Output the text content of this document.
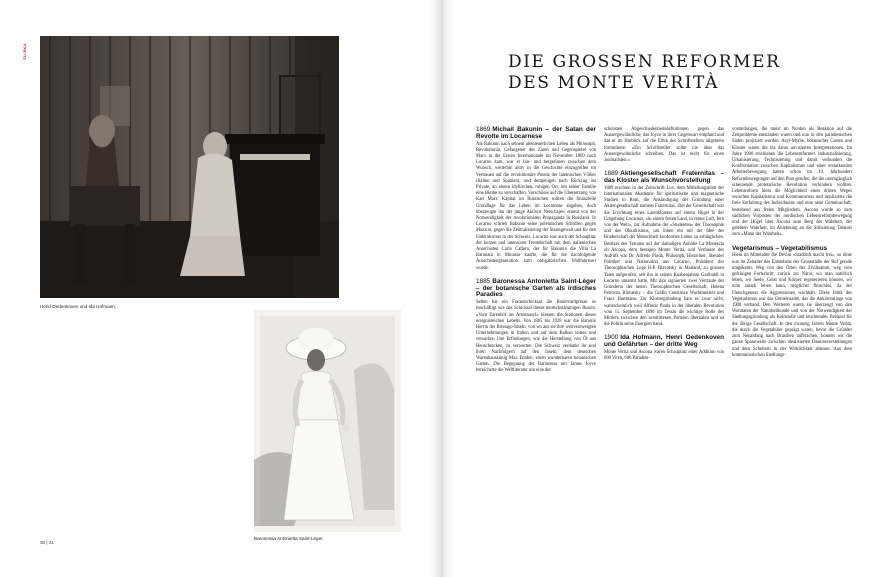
ZU RKA
Henri Oedenkoven und Ida Hofmann.
Baronessa Antonietta Saint-Léger.
30 | 31
DIE GROSSEN REFORMER
DES MONTE VERITÀ
1869 Michail Bakunin – der Satan der Revolte im Locarnese

Als Bakunin nach seinem abenteuerlichen Leben als Philosoph, Revolutionär, Gefangener des Zaren und Gegenspieler von Marx in der Ersten Internationale im November 1869 nach Locarno kam, war er bin- und hergerissen zwischen dem Wunsch, weiterhin aktiv in die Geschichte einzugreifen im Vertrauen auf die revolutionäre Potenz der lateinischen Völker (Italien und Spanien), und demjenigen nach Rückzug ins Private, an einem idyllischen, ruhigen Ort, um seiner Familie eine Bleibe zu verschaffen. Vorschüsse auf die Übersetzung von Karl Marx' Kapital im Russischen sollten die finanzielle Grundlage für das Leben im Locarnese abgeben, doch überzeugte ihn der junge Aktivist Netschajew erneut von der Notwendigkeit der revolutionären Propaganda in Russland. In Locarno schrieb Bakunin seine polemischen Schriften gegen Mazzini, gegen die Zentralisierung der Staatsgewalt und für den Föderalismus in der Schweiz. Locarno war auch der Schauplatz der kurzen und intensiven Freundschaft mit dem italienischen Anarchisten Carlo Cafiero, der für Bakunin die Villa La Baronata in Minusio kaufte, die für die nachfolgende Anarchistengeneration zum obligatorischen Wallfahrtsort wurde.

1885 Baronessa Antonietta Saint-Léger – der botanische Garten als irdisches Paradies

Selten hat ein Frauenschicksal die Boulevardpresse so beschäftigt wie das Schicksal dieser deutschstämmigen Russin. «Vom Zarenhof ins Armenasyl» hiessen die Stationen dieses ereignisreichen Lebens. Von 1885 bis 1928 war die Baronin Herrin der Brissago-Inseln, von wo aus sie ihre weitverzweigten Unternehmungen in Italien und auf dem Balkan leitete und versuchte, ihre Erfindungen, wie die Herstellung von Öl aus Heuschrecken, zu verwerten. Die Schweiz verdankt ihr und ihren Nachfolgern auf den Inseln, dem deutschen Warenhauskönig Max Emden, einen wunderbaren botanischen Garten. Die Begegnung der Baronessa mit James Joyce bereicherte die Weltliteratur um eine der

schönsten Abgeschiedenheitsdefinitionen gegen das Aussergewöhnliche, das Joyce in ihrer Gegenwart empfand und das er im Hinblick auf die Ethik des Schriftstellers allgemein formulierte: «Ein Schriftsteller sollte nie über das Aussergewöhnliche schreiben. Das ist recht für einen Journalisten.»

1889 Aktiengesellschaft Fraternitas – das Kloster als Wunschvorstellung

1889 erschien in der Zeitschrift Lux, dem Mitteilungsblatt der Internationalen Akademie für spiritistische und magnetische Studien in Rom, die Ankündigung der Gründung einer Aktiengesellschaft namens Fraternitas. Ziel der Gesellschaft war die Errichtung eines Laienklosters auf einem Hügel in der Umgebung Locarnos, «in einem freien Land, in reiner Luft, fern von der Welt», zur Aufnahme der «Studenten» der Theosophie und des Okkultismus, um ihnen ein mit der Idee der Bruderschaft der Menschheit konformes Leben zu ermöglichen. Besitzer des Terrains auf der damaligen Anhöhe La Monescia ob Ascona, dem heutigen Monte Verità, und Verfasser des Aufrufs war Dr. Alfredo Pioda, Philosoph, Historiker, liberaler Politiker und Nationalrat aus Locarno, Präsident der Theosophischen Loge H.P. Blavatsky in Mailand, zu grossen Taten aufgerufen, seit ihn in seinen Knabenjahren Garibaldi in Locarno umarmt hatte. Mit ihm signierten zwei Vertraute der Gründerin der neuen Theosophischen Gesellschaft, Helena Petrovna Blavatsky – die Gräfin Constance Wachtmeister und Franz Hartmann. Zur Klostergründung kam es zwar nicht, wahrscheinlich weil Alfredo Pioda in der liberalen Revolution vom 11. September 1890 im Tessin die wichtige Rolle des Mittlers zwischen den zerstrittenen Parteien übernahm und so die Politik seine Energien band.

1900 Ida Hofmann, Henri Oedenkoven und Gefährten – der dritte Weg

Monte Verità und Ascona waren Schauplatz einer Addition von 600 Viten, 600 Paradies-

vorstellungen, die meist im Norden als Reaktion auf die Zeitprobleme entstanden waren und nun in den paradiesischen Süden projiziert wurden. Asyl-Mythe, botanischer Garten und Kloster waren die bis dahin anvisierten Interpretationen. Im Jahre 1900 erschienen die Lebensreformer. Industrialisierung, Urbanisierung, Technisierung und damit verbunden die Konfrontation zwischen Kapitalismus und einer erstarkenden Arbeiterbewegung hatten schon im 19. Jahrhundert Reformbewegungen auf den Plan gerufen, die die unumgänglich scheinende proletarische Revolution verhindern wollten. Lebensreform hiess die Möglichkeit eines dritten Weges zwischen Kapitalismus und Kommunismus und implizierte die freie Entfaltung des Individuums und eine neue Gemeinschaft, bestehend aus freien Mitgliedern. Ascona wurde so zum südlichen Vorposten der nordischen Lebensreformbewegung und der Hügel über Ascona zum Berg der Wahrheit, der gelebten Wahrheit, im Anlehnung an die Stilisierung Tolstois zum «Mann der Wahrheit».

Vegetarismus – Vegetabilismus

Hiess im Mittelalter die Devise «Stadtluft macht frei», so tönte nun im Zeitalter des Entstehens der Grossstädte der Ruf gerade umgekehrt. Weg von den Orten der Zivilisation, weg vom gefräsigen Fortschritt, zurück zur Natur, wo man natürlich leben, wo Seele, Geist und Körper regenerieren können, wo man autark leben kann, möglichst fleischlos, da der Fleischgenuss die Aggressionen wachhält. Diese Ethik des Vegetarismus war das Gemeinsame, das die Ankömmlinge von 1900 verband. Den Weiteren waren sie überzeugt von den Wohltaten der Naturheilkunde und von der Notwendigkeit der Siedlungsgründung als Keimzelle und leuchtendes Beispiel für die übrige Gesellschaft. In den zwanzig Jahren Monte Verità, die durch die Vegetabilier geprägt waren, bevor die Gründer zum Neuanfang nach Brasilien aufbrachen, können wir die ganze Spannweite zwischen idealisierten Daseinsvorstellungen und dem Scheitern in der Wirklichkeit ablesen: Aus dem kommunistischen Siedlungs-
